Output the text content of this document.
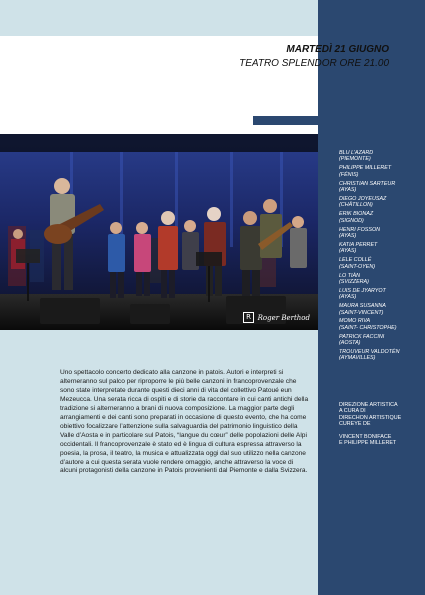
MARTEDÌ 21 GIUGNO
TEATRO SPLENDOR ORE 21.00
R Roger Berthod
Uno spettacolo concerto dedicato alla canzone in patois. Autori e interpreti si alterneranno sul palco per riproporre le più belle canzoni in francoprovenzale che sono state interpretate durante questi dieci anni di vita del collettivo Patoué eun Mezeucca. Una serata ricca di ospiti e di storie da raccontare in cui canti antichi della tradizione si alterneranno a brani di nuova composizione. La maggior parte degli arrangiamenti e dei canti sono preparati in occasione di questo evento, che ha come obiettivo focalizzare l’attenzione sulla salvaguardia del patrimonio linguistico della Valle d’Aosta e in particolare sul Patois, “langue du cœur” delle popolazioni delle Alpi occidentali. Il francoprovenzale è stato ed è lingua di cultura espressa attraverso la poesia, la prosa, il teatro, la musica e attualizzata oggi dal suo utilizzo nella canzone d’autore a cui questa serata vuole rendere omaggio, anche attraverso la voce di alcuni protagonisti della canzone in Patois provenienti dal Piemonte e dalla Svizzera.
BLU L’AZARD
(PIEMONTE)
PHILIPPE MILLERET
(FÉNIS)
CHRISTIAN SARTEUR
(AYAS)
DIEGO JOYEUSAZ
(CHÂTILLON)
ERIK BIONAZ
(SIGNOD)
HENRI FOSSON
(AYAS)
KATIA PERRET
(AYAS)
LELE COLLÉ
(SAINT-OYEN)
LO TIÀN
(SVIZZERA)
LUIS DE JYARYOT
(AYAS)
MAURA SUSANNA
(SAINT-VINCENT)
MOMO RIVA
(SAINT- CHRISTOPHE)
PATRICK FACCINI
(AOSTA)
TROUVEUR VALDOTÈN
(AYMAVILLES)
DIREZIONE ARTISTICA
A CURA DI
DIRECHON ARTISTIQUE
CUREYE DE
VINCENT BONIFACE
E PHILIPPE MILLERET
